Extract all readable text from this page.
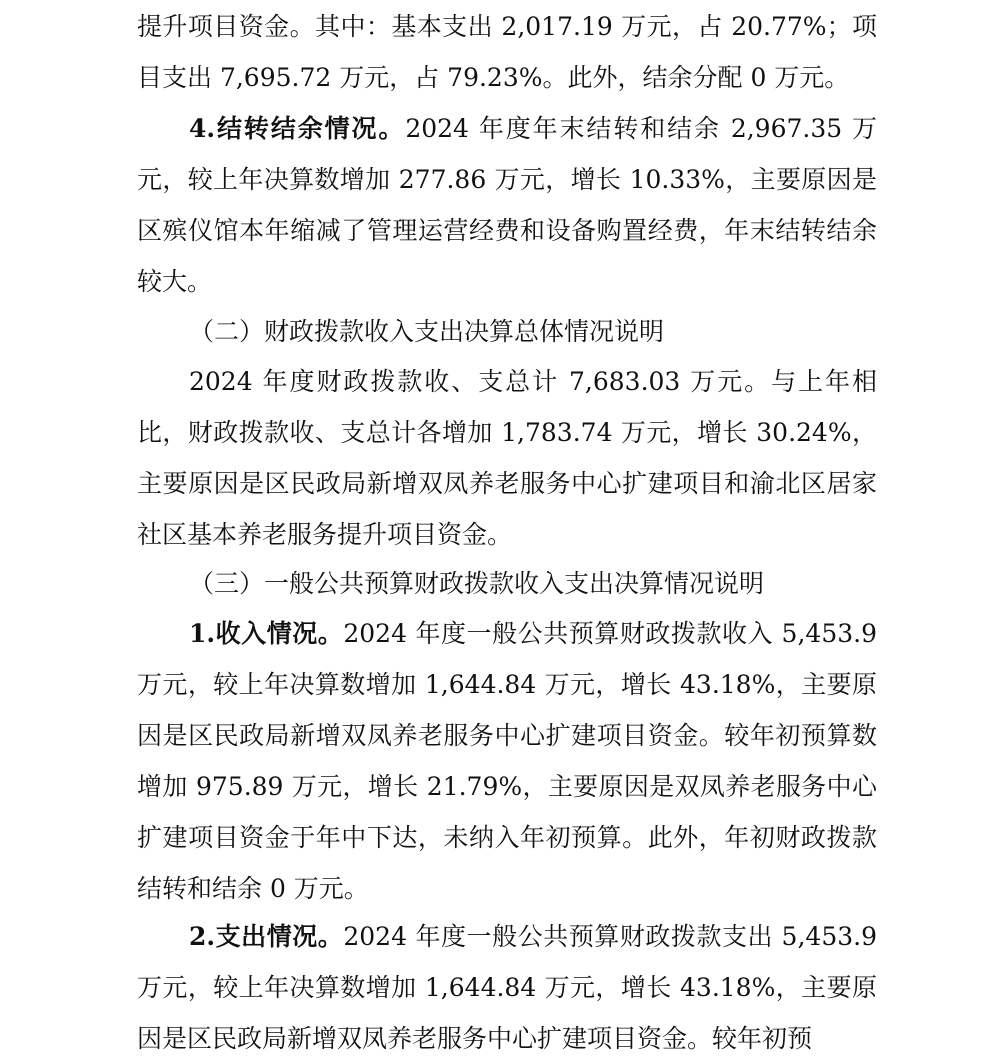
提升项目资金。其中：基本支出 2,017.19 万元，占 20.77%；项目支出 7,695.72 万元，占 79.23%。此外，结余分配 0 万元。

4.结转结余情况。2024 年度年末结转和结余 2,967.35 万元，较上年决算数增加 277.86 万元，增长 10.33%，主要原因是区殡仪馆本年缩减了管理运营经费和设备购置经费，年末结转结余较大。

（二）财政拨款收入支出决算总体情况说明

2024 年度财政拨款收、支总计 7,683.03 万元。与上年相比，财政拨款收、支总计各增加 1,783.74 万元，增长 30.24%，主要原因是区民政局新增双凤养老服务中心扩建项目和渝北区居家社区基本养老服务提升项目资金。

（三）一般公共预算财政拨款收入支出决算情况说明

1.收入情况。2024 年度一般公共预算财政拨款收入 5,453.9 万元，较上年决算数增加 1,644.84 万元，增长 43.18%，主要原因是区民政局新增双凤养老服务中心扩建项目资金。较年初预算数增加 975.89 万元，增长 21.79%，主要原因是双凤养老服务中心扩建项目资金于年中下达，未纳入年初预算。此外，年初财政拨款结转和结余 0 万元。

2.支出情况。2024 年度一般公共预算财政拨款支出 5,453.9 万元，较上年决算数增加 1,644.84 万元，增长 43.18%，主要原因是区民政局新增双凤养老服务中心扩建项目资金。较年初预
